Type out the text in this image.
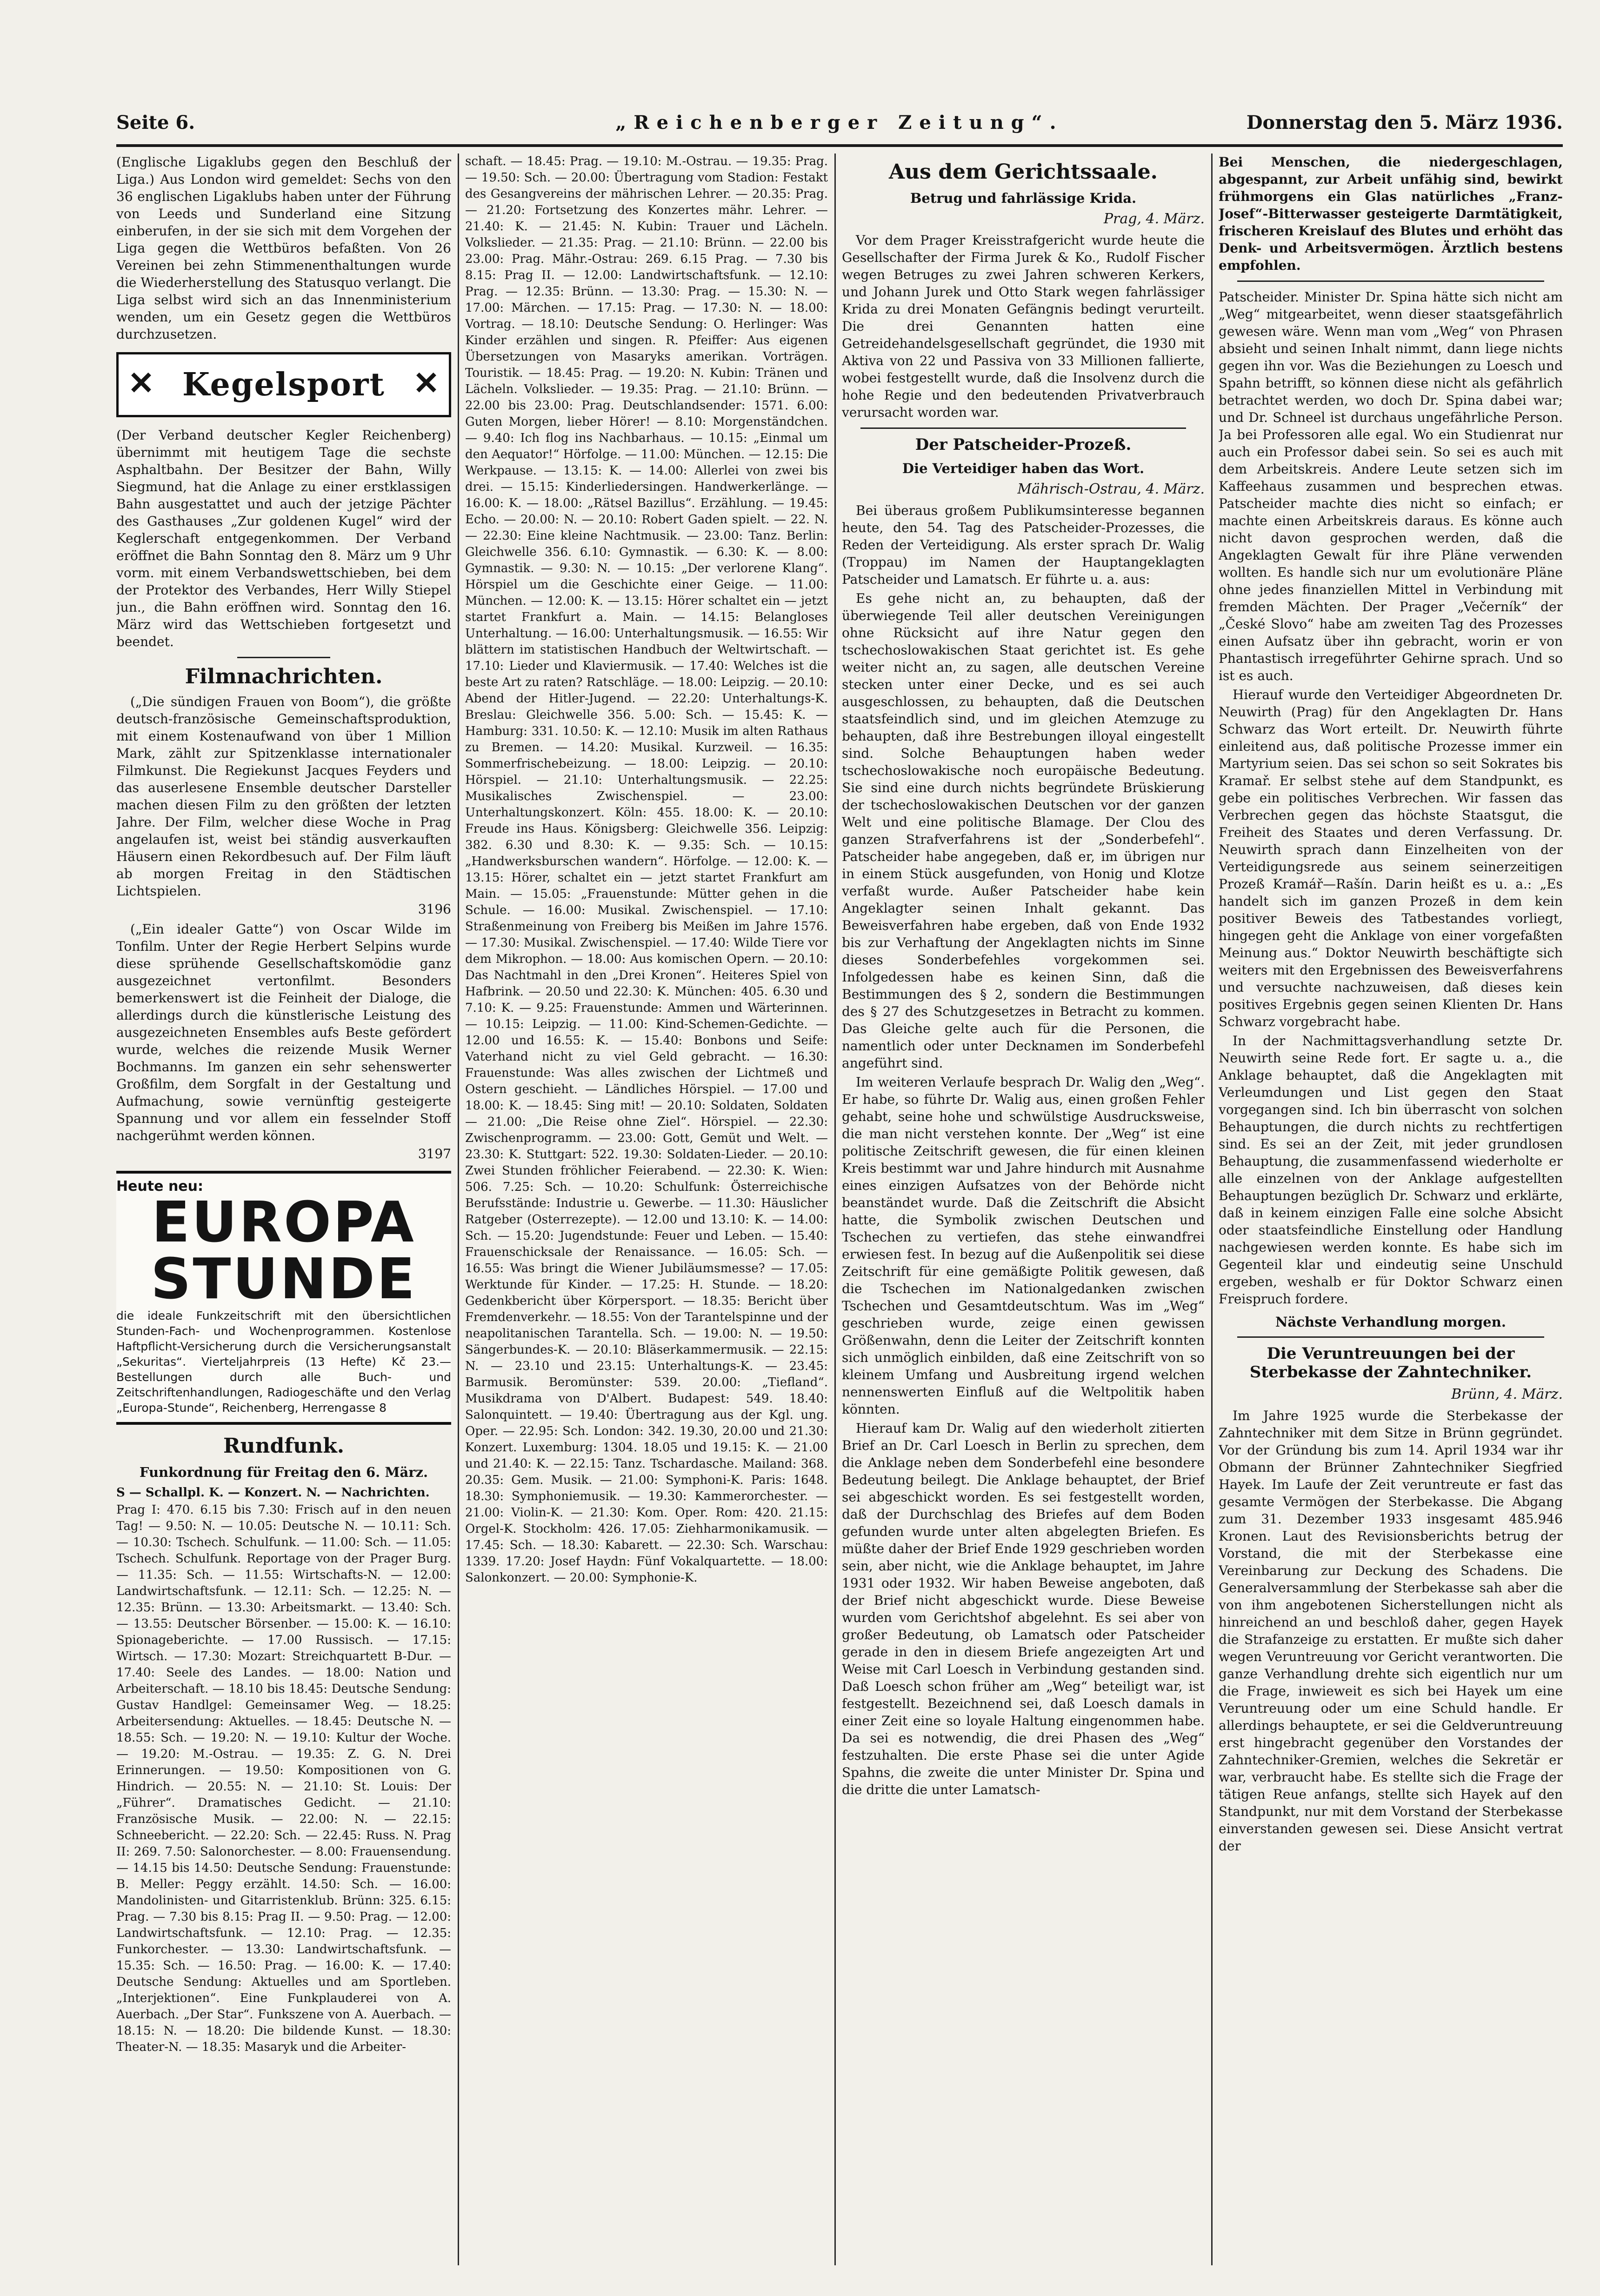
„Reichenberger Zeitung“.
Seite 6.	Donnerstag den 5. März 1936.

(Englische Ligaklubs gegen den Beschluß der Liga.) Aus London wird gemeldet: Sechs von den 36 englischen Ligaklubs haben unter der Führung von Leeds und Sunderland eine Sitzung einberufen, in der sie sich mit dem Vorgehen der Liga gegen die Wettbüros befaßten. Von 26 Vereinen bei zehn Stimmenenthaltungen wurde die Wiederherstellung des Statusquo verlangt. Die Liga selbst wird sich an das Innenministerium wenden, um ein Gesetz gegen die Wettbüros durchzusetzen.

✕ Kegelsport ✕

(Der Verband deutscher Kegler Reichenberg) übernimmt mit heutigem Tage die sechste Asphaltbahn. Der Besitzer der Bahn, Willy Siegmund, hat die Anlage zu einer erstklassigen Bahn ausgestattet und auch der jetzige Pächter des Gasthauses „Zur goldenen Kugel“ wird der Keglerschaft entgegenkommen. Der Verband eröffnet die Bahn Sonntag den 8. März um 9 Uhr vorm. mit einem Verbandswettschieben, bei dem der Protektor des Verbandes, Herr Willy Stiepel jun., die Bahn eröffnen wird. Sonntag den 16. März wird das Wettschieben fortgesetzt und beendet.

Filmnachrichten.

(„Die sündigen Frauen von Boom“), die größte deutsch-französische Gemeinschaftsproduktion, mit einem Kostenaufwand von über 1 Million Mark, zählt zur Spitzenklasse internationaler Filmkunst. Die Regiekunst Jacques Feyders und das auserlesene Ensemble deutscher Darsteller machen diesen Film zu den größten der letzten Jahre. Der Film, welcher diese Woche in Prag angelaufen ist, weist bei ständig ausverkauften Häusern einen Rekordbesuch auf. Der Film läuft ab morgen Freitag in den Städtischen Lichtspielen.

3196

(„Ein idealer Gatte“) von Oscar Wilde im Tonfilm. Unter der Regie Herbert Selpins wurde diese sprühende Gesellschaftskomödie ganz ausgezeichnet vertonfilmt. Besonders bemerkenswert ist die Feinheit der Dialoge, die allerdings durch die künstlerische Leistung des ausgezeichneten Ensembles aufs Beste gefördert wurde, welches die reizende Musik Werner Bochmanns. Im ganzen ein sehr sehenswerter Großfilm, dem Sorgfalt in der Gestaltung und Aufmachung, sowie vernünftig gesteigerte Spannung und vor allem ein fesselnder Stoff nachgerühmt werden können.

3197
Heute neu:
EUROPA
STUNDE
die ideale Funkzeitschrift mit den übersichtlichen Stunden-Fach- und Wochenprogrammen. Kostenlose Haftpflicht-Versicherung durch die Versicherungsanstalt „Sekuritas“. Vierteljahrpreis (13 Hefte) Kč 23.— Bestellungen durch alle Buch- und Zeitschriftenhandlungen, Radiogeschäfte und den Verlag „Europa-Stunde“, Reichenberg, Herrengasse 8
Rundfunk.
Funkordnung für Freitag den 6. März.

S — Schallpl. K. — Konzert. N. — Nachrichten.

Prag I: 470. 6.15 bis 7.30: Frisch auf in den neuen Tag! — 9.50: N. — 10.05: Deutsche N. — 10.11: Sch. — 10.30: Tschech. Schulfunk. — 11.00: Sch. — 11.05: Tschech. Schulfunk. Reportage von der Prager Burg. — 11.35: Sch. — 11.55: Wirtschafts-N. — 12.00: Landwirtschaftsfunk. — 12.11: Sch. — 12.25: N. — 12.35: Brünn. — 13.30: Arbeitsmarkt. — 13.40: Sch. — 13.55: Deutscher Börsenber. — 15.00: K. — 16.10: Spionageberichte. — 17.00 Russisch. — 17.15: Wirtsch. — 17.30: Mozart: Streichquartett B-Dur. — 17.40: Seele des Landes. — 18.00: Nation und Arbeiterschaft. — 18.10 bis 18.45: Deutsche Sendung: Gustav Handlgel: Gemeinsamer Weg. — 18.25: Arbeitersendung: Aktuelles. — 18.45: Deutsche N. — 18.55: Sch. — 19.20: N. — 19.10: Kultur der Woche. — 19.20: M.-Ostrau. — 19.35: Z. G. N. Drei Erinnerungen. — 19.50: Kompositionen von G. Hindrich. — 20.55: N. — 21.10: St. Louis: Der „Führer“. Dramatisches Gedicht. — 21.10: Französische Musik. — 22.00: N. — 22.15: Schneebericht. — 22.20: Sch. — 22.45: Russ. N. Prag II: 269. 7.50: Salonorchester. — 8.00: Frauensendung. — 14.15 bis 14.50: Deutsche Sendung: Frauenstunde: B. Meller: Peggy erzählt. 14.50: Sch. — 16.00: Mandolinisten- und Gitarristenklub. Brünn: 325. 6.15: Prag. — 7.30 bis 8.15: Prag II. — 9.50: Prag. — 12.00: Landwirtschaftsfunk. — 12.10: Prag. — 12.35: Funkorchester. — 13.30: Landwirtschaftsfunk. — 15.35: Sch. — 16.50: Prag. — 16.00: K. — 17.40: Deutsche Sendung: Aktuelles und am Sportleben. „Interjektionen“. Eine Funkplauderei von A. Auerbach. „Der Star“. Funkszene von A. Auerbach. — 18.15: N. — 18.20: Die bildende Kunst. — 18.30: Theater-N. — 18.35: Masaryk und die Arbeiter-

schaft. — 18.45: Prag. — 19.10: M.-Ostrau. — 19.35: Prag. — 19.50: Sch. — 20.00: Übertragung vom Stadion: Festakt des Gesangvereins der mährischen Lehrer. — 20.35: Prag. — 21.20: Fortsetzung des Konzertes mähr. Lehrer. — 21.40: K. — 21.45: N. Kubin: Trauer und Lächeln. Volkslieder. — 21.35: Prag. — 21.10: Brünn. — 22.00 bis 23.00: Prag. Mähr.-Ostrau: 269. 6.15 Prag. — 7.30 bis 8.15: Prag II. — 12.00: Landwirtschaftsfunk. — 12.10: Prag. — 12.35: Brünn. — 13.30: Prag. — 15.30: N. — 17.00: Märchen. — 17.15: Prag. — 17.30: N. — 18.00: Vortrag. — 18.10: Deutsche Sendung: O. Herlinger: Was Kinder erzählen und singen. R. Pfeiffer: Aus eigenen Übersetzungen von Masaryks amerikan. Vorträgen. Touristik. — 18.45: Prag. — 19.20: N. Kubin: Tränen und Lächeln. Volkslieder. — 19.35: Prag. — 21.10: Brünn. — 22.00 bis 23.00: Prag. Deutschlandsender: 1571. 6.00: Guten Morgen, lieber Hörer! — 8.10: Morgenständchen. — 9.40: Ich flog ins Nachbarhaus. — 10.15: „Einmal um den Aequator!“ Hörfolge. — 11.00: München. — 12.15: Die Werkpause. — 13.15: K. — 14.00: Allerlei von zwei bis drei. — 15.15: Kinderliedersingen. Handwerkerlänge. — 16.00: K. — 18.00: „Rätsel Bazillus“. Erzählung. — 19.45: Echo. — 20.00: N. — 20.10: Robert Gaden spielt. — 22. N. — 22.30: Eine kleine Nachtmusik. — 23.00: Tanz. Berlin: Gleichwelle 356. 6.10: Gymnastik. — 6.30: K. — 8.00: Gymnastik. — 9.30: N. — 10.15: „Der verlorene Klang“. Hörspiel um die Geschichte einer Geige. — 11.00: München. — 12.00: K. — 13.15: Hörer schaltet ein — jetzt startet Frankfurt a. Main. — 14.15: Belangloses Unterhaltung. — 16.00: Unterhaltungsmusik. — 16.55: Wir blättern im statistischen Handbuch der Weltwirtschaft. — 17.10: Lieder und Klaviermusik. — 17.40: Welches ist die beste Art zu raten? Ratschläge. — 18.00: Leipzig. — 20.10: Abend der Hitler-Jugend. — 22.20: Unterhaltungs-K. Breslau: Gleichwelle 356. 5.00: Sch. — 15.45: K. — Hamburg: 331. 10.50: K. — 12.10: Musik im alten Rathaus zu Bremen. — 14.20: Musikal. Kurzweil. — 16.35: Sommerfrischebeizung. — 18.00: Leipzig. — 20.10: Hörspiel. — 21.10: Unterhaltungsmusik. — 22.25: Musikalisches Zwischenspiel. — 23.00: Unterhaltungskonzert. Köln: 455. 18.00: K. — 20.10: Freude ins Haus. Königsberg: Gleichwelle 356. Leipzig: 382. 6.30 und 8.30: K. — 9.35: Sch. — 10.15: „Handwerksburschen wandern“. Hörfolge. — 12.00: K. — 13.15: Hörer, schaltet ein — jetzt startet Frankfurt am Main. — 15.05: „Frauenstunde: Mütter gehen in die Schule. — 16.00: Musikal. Zwischenspiel. — 17.10: Straßenmeinung von Freiberg bis Meißen im Jahre 1576. — 17.30: Musikal. Zwischenspiel. — 17.40: Wilde Tiere vor dem Mikrophon. — 18.00: Aus komischen Opern. — 20.10: Das Nachtmahl in den „Drei Kronen“. Heiteres Spiel von Hafbrink. — 20.50 und 22.30: K. München: 405. 6.30 und 7.10: K. — 9.25: Frauenstunde: Ammen und Wärterinnen. — 10.15: Leipzig. — 11.00: Kind-Schemen-Gedichte. — 12.00 und 16.55: K. — 15.40: Bonbons und Seife: Vaterhand nicht zu viel Geld gebracht. — 16.30: Frauenstunde: Was alles zwischen der Lichtmeß und Ostern geschieht. — Ländliches Hörspiel. — 17.00 und 18.00: K. — 18.45: Sing mit! — 20.10: Soldaten, Soldaten — 21.00: „Die Reise ohne Ziel“. Hörspiel. — 22.30: Zwischenprogramm. — 23.00: Gott, Gemüt und Welt. — 23.30: K. Stuttgart: 522. 19.30: Soldaten-Lieder. — 20.10: Zwei Stunden fröhlicher Feierabend. — 22.30: K. Wien: 506. 7.25: Sch. — 10.20: Schulfunk: Österreichische Berufsstände: Industrie u. Gewerbe. — 11.30: Häuslicher Ratgeber (Osterrezepte). — 12.00 und 13.10: K. — 14.00: Sch. — 15.20: Jugendstunde: Feuer und Leben. — 15.40: Frauenschicksale der Renaissance. — 16.05: Sch. — 16.55: Was bringt die Wiener Jubiläumsmesse? — 17.05: Werktunde für Kinder. — 17.25: H. Stunde. — 18.20: Gedenkbericht über Körpersport. — 18.35: Bericht über Fremdenverkehr. — 18.55: Von der Tarantelspinne und der neapolitanischen Tarantella. Sch. — 19.00: N. — 19.50: Sängerbundes-K. — 20.10: Bläserkammermusik. — 22.15: N. — 23.10 und 23.15: Unterhaltungs-K. — 23.45: Barmusik. Beromünster: 539. 20.00: „Tiefland“. Musikdrama von D'Albert. Budapest: 549. 18.40: Salonquintett. — 19.40: Übertragung aus der Kgl. ung. Oper. — 22.95: Sch. London: 342. 19.30, 20.00 und 21.30: Konzert. Luxemburg: 1304. 18.05 und 19.15: K. — 21.00 und 21.40: K. — 22.15: Tanz. Tschardasche. Mailand: 368. 20.35: Gem. Musik. — 21.00: Symphoni-K. Paris: 1648. 18.30: Symphoniemusik. — 19.30: Kammerorchester. — 21.00: Violin-K. — 21.30: Kom. Oper. Rom: 420. 21.15: Orgel-K. Stockholm: 426. 17.05: Ziehharmonikamusik. — 17.45: Sch. — 18.30: Kabarett. — 22.30: Sch. Warschau: 1339. 17.20: Josef Haydn: Fünf Vokalquartette. — 18.00: Salonkonzert. — 20.00: Symphonie-K.

Aus dem Gerichtssaale.
Betrug und fahrlässige Krida.
Prag, 4. März.

Vor dem Prager Kreisstrafgericht wurde heute die Gesellschafter der Firma Jurek & Ko., Rudolf Fischer wegen Betruges zu zwei Jahren schweren Kerkers, und Johann Jurek und Otto Stark wegen fahrlässiger Krida zu drei Monaten Gefängnis bedingt verurteilt. Die drei Genannten hatten eine Getreidehandelsgesellschaft gegründet, die 1930 mit Aktiva von 22 und Passiva von 33 Millionen fallierte, wobei festgestellt wurde, daß die Insolvenz durch die hohe Regie und den bedeutenden Privatverbrauch verursacht worden war.

Der Patscheider-Prozeß.
Die Verteidiger haben das Wort.
Mährisch-Ostrau, 4. März.

Bei überaus großem Publikumsinteresse begannen heute, den 54. Tag des Patscheider-Prozesses, die Reden der Verteidigung. Als erster sprach Dr. Walig (Troppau) im Namen der Hauptangeklagten Patscheider und Lamatsch. Er führte u. a. aus:

Es gehe nicht an, zu behaupten, daß der überwiegende Teil aller deutschen Vereinigungen ohne Rücksicht auf ihre Natur gegen den tschechoslowakischen Staat gerichtet ist. Es gehe weiter nicht an, zu sagen, alle deutschen Vereine stecken unter einer Decke, und es sei auch ausgeschlossen, zu behaupten, daß die Deutschen staatsfeindlich sind, und im gleichen Atemzuge zu behaupten, daß ihre Bestrebungen illoyal eingestellt sind. Solche Behauptungen haben weder tschechoslowakische noch europäische Bedeutung. Sie sind eine durch nichts begründete Brüskierung der tschechoslowakischen Deutschen vor der ganzen Welt und eine politische Blamage. Der Clou des ganzen Strafverfahrens ist der „Sonderbefehl“. Patscheider habe angegeben, daß er, im übrigen nur in einem Stück ausgefunden, von Honig und Klotze verfaßt wurde. Außer Patscheider habe kein Angeklagter seinen Inhalt gekannt. Das Beweisverfahren habe ergeben, daß von Ende 1932 bis zur Verhaftung der Angeklagten nichts im Sinne dieses Sonderbefehles vorgekommen sei. Infolgedessen habe es keinen Sinn, daß die Bestimmungen des § 2, sondern die Bestimmungen des § 27 des Schutzgesetzes in Betracht zu kommen. Das Gleiche gelte auch für die Personen, die namentlich oder unter Decknamen im Sonderbefehl angeführt sind.

Im weiteren Verlaufe besprach Dr. Walig den „Weg“. Er habe, so führte Dr. Walig aus, einen großen Fehler gehabt, seine hohe und schwülstige Ausdrucksweise, die man nicht verstehen konnte. Der „Weg“ ist eine politische Zeitschrift gewesen, die für einen kleinen Kreis bestimmt war und Jahre hindurch mit Ausnahme eines einzigen Aufsatzes von der Behörde nicht beanständet wurde. Daß die Zeitschrift die Absicht hatte, die Symbolik zwischen Deutschen und Tschechen zu vertiefen, das stehe einwandfrei erwiesen fest. In bezug auf die Außenpolitik sei diese Zeitschrift für eine gemäßigte Politik gewesen, daß die Tschechen im Nationalgedanken zwischen Tschechen und Gesamtdeutschtum. Was im „Weg“ geschrieben wurde, zeige einen gewissen Größenwahn, denn die Leiter der Zeitschrift konnten sich unmöglich einbilden, daß eine Zeitschrift von so kleinem Umfang und Ausbreitung irgend welchen nennenswerten Einfluß auf die Weltpolitik haben könnten.

Hierauf kam Dr. Walig auf den wiederholt zitierten Brief an Dr. Carl Loesch in Berlin zu sprechen, dem die Anklage neben dem Sonderbefehl eine besondere Bedeutung beilegt. Die Anklage behauptet, der Brief sei abgeschickt worden. Es sei festgestellt worden, daß der Durchschlag des Briefes auf dem Boden gefunden wurde unter alten abgelegten Briefen. Es müßte daher der Brief Ende 1929 geschrieben worden sein, aber nicht, wie die Anklage behauptet, im Jahre 1931 oder 1932. Wir haben Beweise angeboten, daß der Brief nicht abgeschickt wurde. Diese Beweise wurden vom Gerichtshof abgelehnt. Es sei aber von großer Bedeutung, ob Lamatsch oder Patscheider gerade in den in diesem Briefe angezeigten Art und Weise mit Carl Loesch in Verbindung gestanden sind. Daß Loesch schon früher am „Weg“ beteiligt war, ist festgestellt. Bezeichnend sei, daß Loesch damals in einer Zeit eine so loyale Haltung eingenommen habe. Da sei es notwendig, die drei Phasen des „Weg“ festzuhalten. Die erste Phase sei die unter Agide Spahns, die zweite die unter Minister Dr. Spina und die dritte die unter Lamatsch-

Bei Menschen, die niedergeschlagen, abgespannt, zur Arbeit unfähig sind, bewirkt frühmorgens ein Glas natürliches „Franz-Josef“-Bitterwasser gesteigerte Darmtätigkeit, frischeren Kreislauf des Blutes und erhöht das Denk- und Arbeitsvermögen. Ärztlich bestens empfohlen.

Patscheider. Minister Dr. Spina hätte sich nicht am „Weg“ mitgearbeitet, wenn dieser staatsgefährlich gewesen wäre. Wenn man vom „Weg“ von Phrasen absieht und seinen Inhalt nimmt, dann liege nichts gegen ihn vor. Was die Beziehungen zu Loesch und Spahn betrifft, so können diese nicht als gefährlich betrachtet werden, wo doch Dr. Spina dabei war; und Dr. Schneel ist durchaus ungefährliche Person. Ja bei Professoren alle egal. Wo ein Studienrat nur auch ein Professor dabei sein. So sei es auch mit dem Arbeitskreis. Andere Leute setzen sich im Kaffeehaus zusammen und besprechen etwas. Patscheider machte dies nicht so einfach; er machte einen Arbeitskreis daraus. Es könne auch nicht davon gesprochen werden, daß die Angeklagten Gewalt für ihre Pläne verwenden wollten. Es handle sich nur um evolutionäre Pläne ohne jedes finanziellen Mittel in Verbindung mit fremden Mächten. Der Prager „Večerník“ der „České Slovo“ habe am zweiten Tag des Prozesses einen Aufsatz über ihn gebracht, worin er von Phantastisch irregeführter Gehirne sprach. Und so ist es auch.

Hierauf wurde den Verteidiger Abgeordneten Dr. Neuwirth (Prag) für den Angeklagten Dr. Hans Schwarz das Wort erteilt. Dr. Neuwirth führte einleitend aus, daß politische Prozesse immer ein Martyrium seien. Das sei schon so seit Sokrates bis Kramař. Er selbst stehe auf dem Standpunkt, es gebe ein politisches Verbrechen. Wir fassen das Verbrechen gegen das höchste Staatsgut, die Freiheit des Staates und deren Verfassung. Dr. Neuwirth sprach dann Einzelheiten von der Verteidigungsrede aus seinem seinerzeitigen Prozeß Kramář—Rašín. Darin heißt es u. a.: „Es handelt sich im ganzen Prozeß in dem kein positiver Beweis des Tatbestandes vorliegt, hingegen geht die Anklage von einer vorgefaßten Meinung aus.“ Doktor Neuwirth beschäftigte sich weiters mit den Ergebnissen des Beweisverfahrens und versuchte nachzuweisen, daß dieses kein positives Ergebnis gegen seinen Klienten Dr. Hans Schwarz vorgebracht habe.

In der Nachmittagsverhandlung setzte Dr. Neuwirth seine Rede fort. Er sagte u. a., die Anklage behauptet, daß die Angeklagten mit Verleumdungen und List gegen den Staat vorgegangen sind. Ich bin überrascht von solchen Behauptungen, die durch nichts zu rechtfertigen sind. Es sei an der Zeit, mit jeder grundlosen Behauptung, die zusammenfassend wiederholte er alle einzelnen von der Anklage aufgestellten Behauptungen bezüglich Dr. Schwarz und erklärte, daß in keinem einzigen Falle eine solche Absicht oder staatsfeindliche Einstellung oder Handlung nachgewiesen werden konnte. Es habe sich im Gegenteil klar und eindeutig seine Unschuld ergeben, weshalb er für Doktor Schwarz einen Freispruch fordere.

Nächste Verhandlung morgen.
Die Veruntreuungen bei der Sterbekasse der Zahntechniker.
Brünn, 4. März.

Im Jahre 1925 wurde die Sterbekasse der Zahntechniker mit dem Sitze in Brünn gegründet. Vor der Gründung bis zum 14. April 1934 war ihr Obmann der Brünner Zahntechniker Siegfried Hayek. Im Laufe der Zeit veruntreute er fast das gesamte Vermögen der Sterbekasse. Die Abgang zum 31. Dezember 1933 insgesamt 485.946 Kronen. Laut des Revisionsberichts betrug der Vorstand, die mit der Sterbekasse eine Vereinbarung zur Deckung des Schadens. Die Generalversammlung der Sterbekasse sah aber die von ihm angebotenen Sicherstellungen nicht als hinreichend an und beschloß daher, gegen Hayek die Strafanzeige zu erstatten. Er mußte sich daher wegen Veruntreuung vor Gericht verantworten. Die ganze Verhandlung drehte sich eigentlich nur um die Frage, inwieweit es sich bei Hayek um eine Veruntreuung oder um eine Schuld handle. Er allerdings behauptete, er sei die Geldveruntreuung erst hingebracht gegenüber den Vorstandes der Zahntechniker-Gremien, welches die Sekretär er war, verbraucht habe. Es stellte sich die Frage der tätigen Reue anfangs, stellte sich Hayek auf den Standpunkt, nur mit dem Vorstand der Sterbekasse einverstanden gewesen sei. Diese Ansicht vertrat der
